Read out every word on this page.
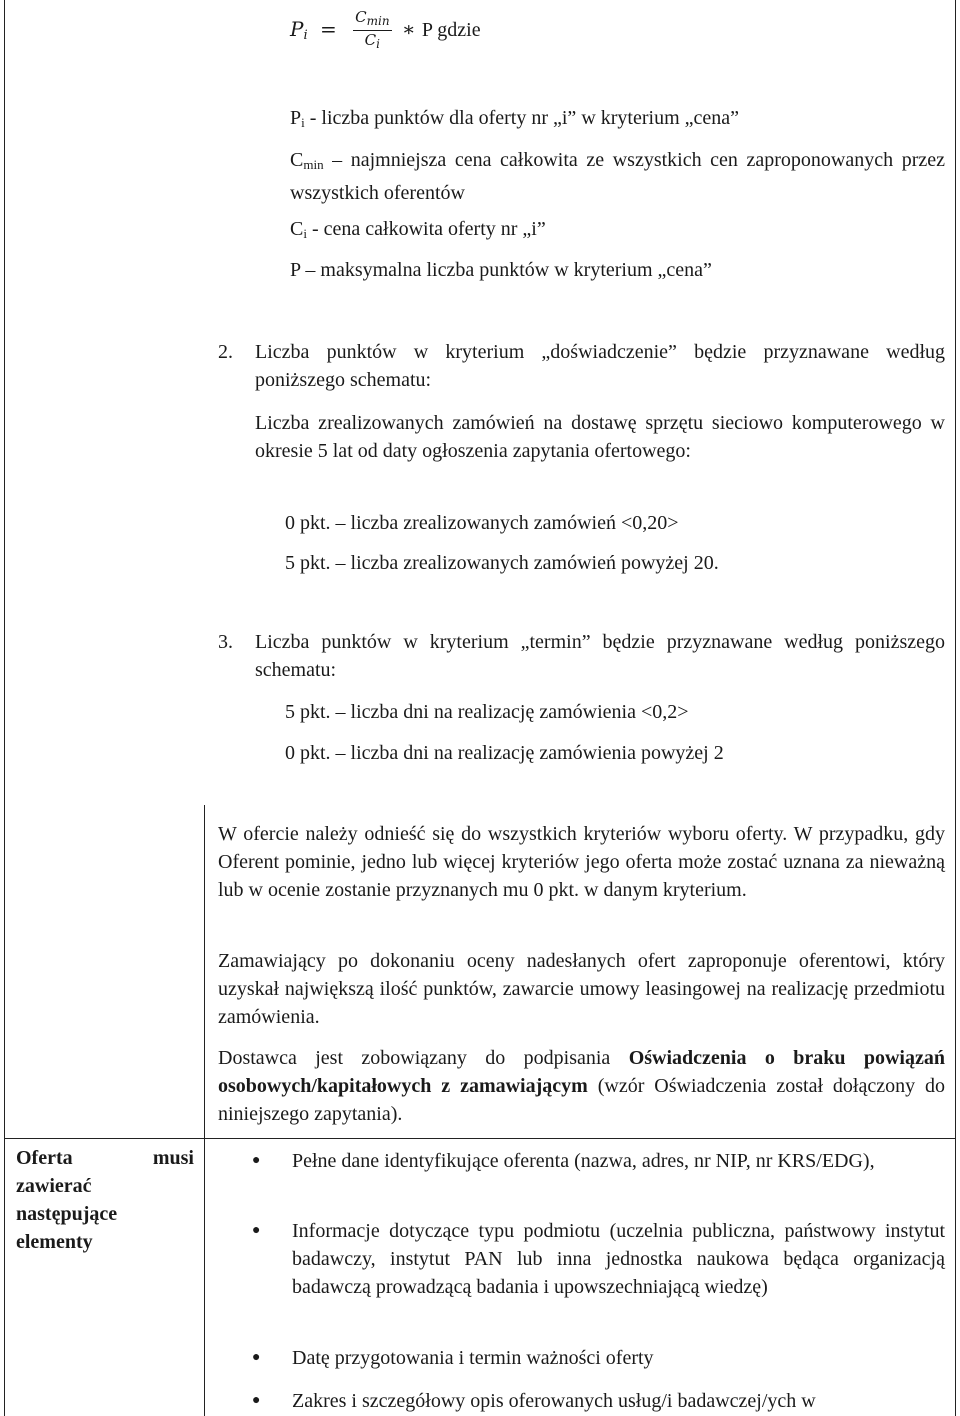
$P_i = \frac{C_{min}}{C_i}$ ∗ P gdzie
$P_i$ - liczba punktów dla oferty nr „i” w kryterium „cena”
$C_{min}$ – najmniejsza cena całkowita ze wszystkich cen zaproponowanych przez wszystkich oferentów
$C_i$ - cena całkowita oferty nr „i”
P – maksymalna liczba punktów w kryterium „cena”
2. Liczba punktów w kryterium „doświadczenie” będzie przyznawane według poniższego schematu:
Liczba zrealizowanych zamówień na dostawę sprzętu sieciowo komputerowego w okresie 5 lat od daty ogłoszenia zapytania ofertowego:
0 pkt. – liczba zrealizowanych zamówień <0,20>
5 pkt. – liczba zrealizowanych zamówień powyżej 20.
3. Liczba punktów w kryterium „termin” będzie przyznawane według poniższego schematu:
5 pkt. – liczba dni na realizację zamówienia <0,2>
0 pkt. – liczba dni na realizację zamówienia powyżej 2
W ofercie należy odnieść się do wszystkich kryteriów wyboru oferty. W przypadku, gdy Oferent pominie, jedno lub więcej kryteriów jego oferta może zostać uznana za nieważną lub w ocenie zostanie przyznanych mu 0 pkt. w danym kryterium.
Zamawiający po dokonaniu oceny nadesłanych ofert zaproponuje oferentowi, który uzyskał największą ilość punktów, zawarcie umowy leasingowej na realizację przedmiotu zamówienia.
Dostawca jest zobowiązany do podpisania Oświadczenia o braku powiązań osobowych/kapitałowych z zamawiającym (wzór Oświadczenia został dołączony do niniejszego zapytania).
Oferta musi zawierać następujące elementy
● Pełne dane identyfikujące oferenta (nazwa, adres, nr NIP, nr KRS/EDG),
● Informacje dotyczące typu podmiotu (uczelnia publiczna, państwowy instytut badawczy, instytut PAN lub inna jednostka naukowa będąca organizacją badawczą prowadzącą badania i upowszechniającą wiedzę)
● Datę przygotowania i termin ważności oferty
● Zakres i szczegółowy opis oferowanych usług/i badawczej/ych w
